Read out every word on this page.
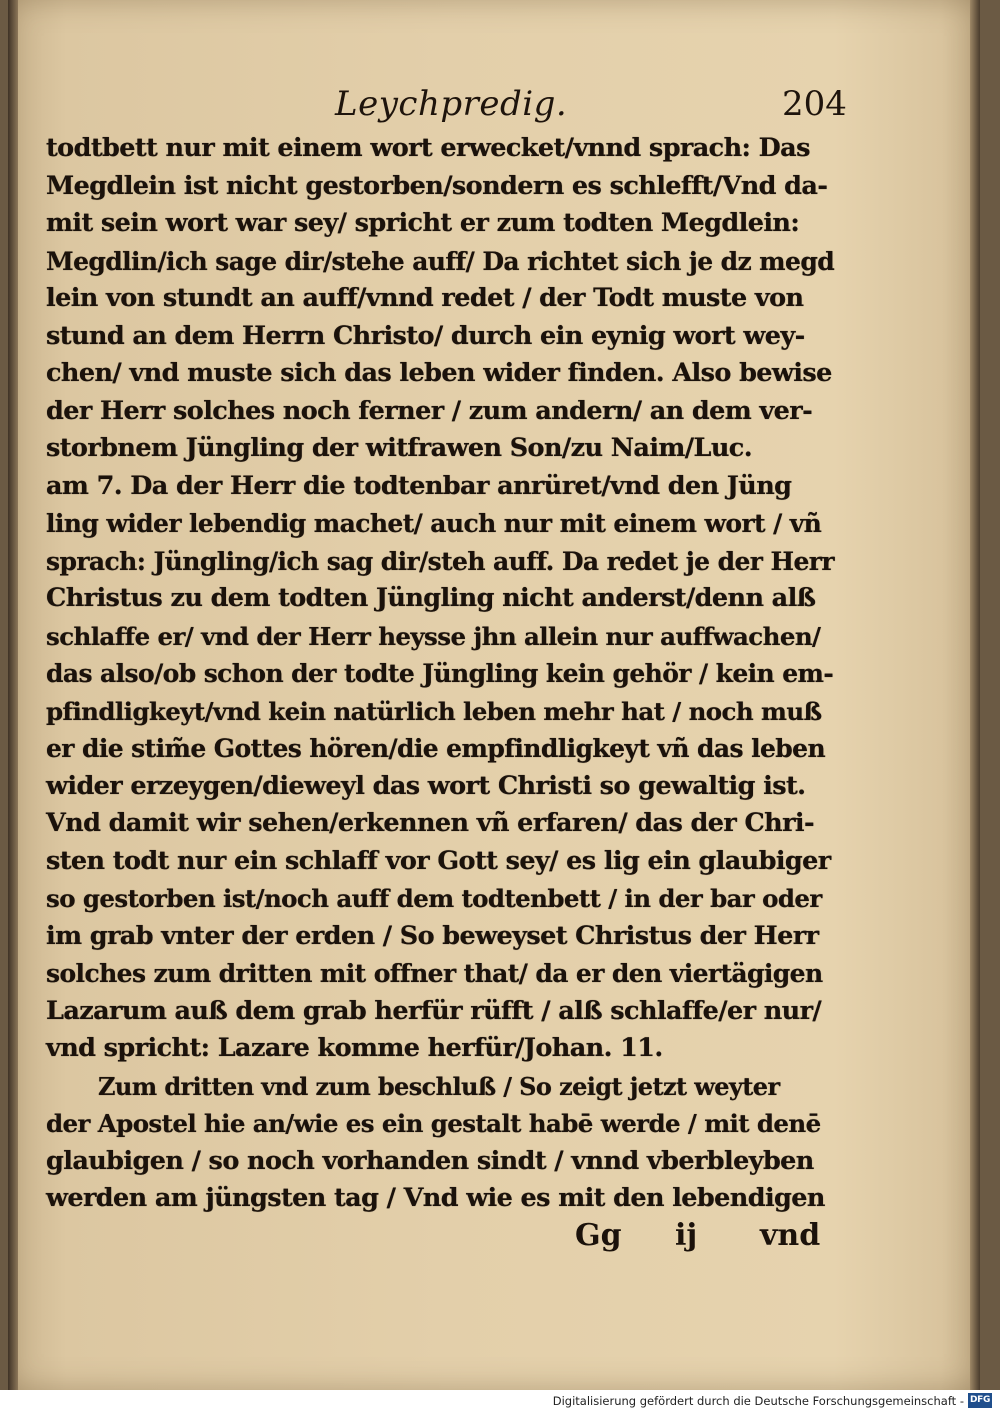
Leychpredig.	204
todtbett nur mit einem wort erwecket/vnnd sprach: Das
Megdlein ist nicht gestorben/sondern es schlefft/Vnd da-
mit sein wort war sey/ spricht er zum todten Megdlein:
Megdlin/ich sage dir/stehe auff/ Da richtet sich je dz megd
lein von stundt an auff/vnnd redet / der Todt muste von
stund an dem Herrn Christo/ durch ein eynig wort wey-
chen/ vnd muste sich das leben wider finden. Also bewise
der Herr solches noch ferner / zum andern/ an dem ver-
storbnem Jüngling der witfrawen Son/zu Naim/Luc.
am 7. Da der Herr die todtenbar anrüret/vnd den Jüng
ling wider lebendig machet/ auch nur mit einem wort / vñ
sprach: Jüngling/ich sag dir/steh auff. Da redet je der Herr
Christus zu dem todten Jüngling nicht anderst/denn alß
schlaffe er/ vnd der Herr heysse jhn allein nur auffwachen/
das also/ob schon der todte Jüngling kein gehör / kein em-
pfindligkeyt/vnd kein natürlich leben mehr hat / noch muß
er die stim̃e Gottes hören/die empfindligkeyt vñ das leben
wider erzeygen/dieweyl das wort Christi so gewaltig ist.
Vnd damit wir sehen/erkennen vñ erfaren/ das der Chri-
sten todt nur ein schlaff vor Gott sey/ es lig ein glaubiger
so gestorben ist/noch auff dem todtenbett / in der bar oder
im grab vnter der erden / So beweyset Christus der Herr
solches zum dritten mit offner that/ da er den viertägigen
Lazarum auß dem grab herfür rüfft / alß schlaffe/er nur/
vnd spricht: Lazare komme herfür/Johan. 11.
Zum dritten vnd zum beschluß / So zeigt jetzt weyter
der Apostel hie an/wie es ein gestalt habē werde / mit denē
glaubigen / so noch vorhanden sindt / vnnd vberbleyben
werden am jüngsten tag / Vnd wie es mit den lebendigen
Gg ij vnd
Digitalisierung gefördert durch die Deutsche Forschungsgemeinschaft - DFG
